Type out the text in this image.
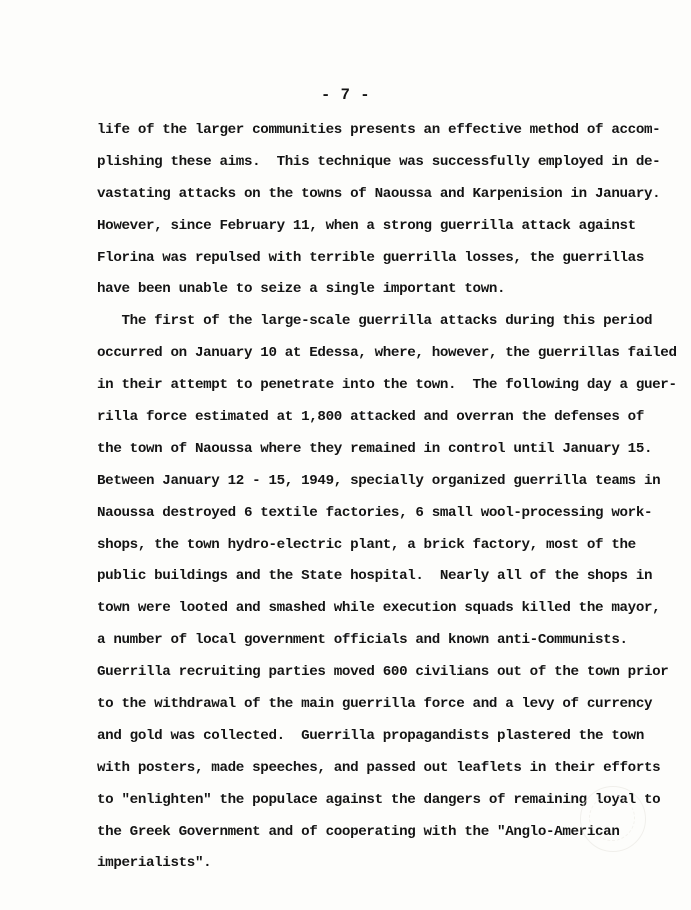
- 7 -
life of the larger communities presents an effective method of accom-
plishing these aims.  This technique was successfully employed in de-
vastating attacks on the towns of Naoussa and Karpenision in January.
However, since February 11, when a strong guerrilla attack against
Florina was repulsed with terrible guerrilla losses, the guerrillas
have been unable to seize a single important town.
The first of the large-scale guerrilla attacks during this period
occurred on January 10 at Edessa, where, however, the guerrillas failed
in their attempt to penetrate into the town.  The following day a guer-
rilla force estimated at 1,800 attacked and overran the defenses of
the town of Naoussa where they remained in control until January 15.
Between January 12 - 15, 1949, specially organized guerrilla teams in
Naoussa destroyed 6 textile factories, 6 small wool-processing work-
shops, the town hydro-electric plant, a brick factory, most of the
public buildings and the State hospital.  Nearly all of the shops in
town were looted and smashed while execution squads killed the mayor,
a number of local government officials and known anti-Communists.
Guerrilla recruiting parties moved 600 civilians out of the town prior
to the withdrawal of the main guerrilla force and a levy of currency
and gold was collected.  Guerrilla propagandists plastered the town
with posters, made speeches, and passed out leaflets in their efforts
to "enlighten" the populace against the dangers of remaining loyal to
the Greek Government and of cooperating with the "Anglo-American
imperialists".
